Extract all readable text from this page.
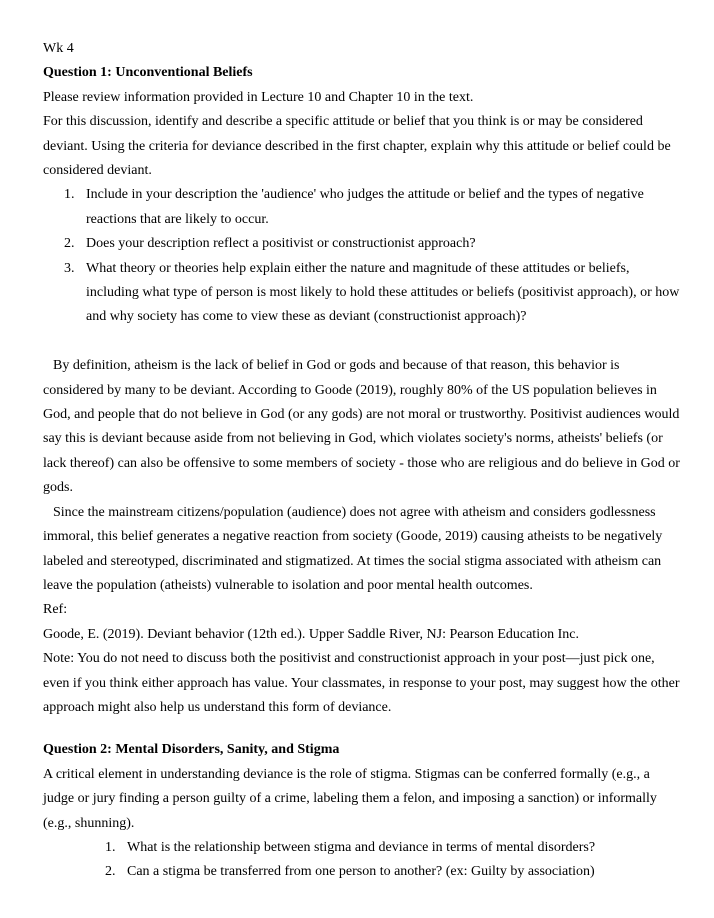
Wk 4

Question 1: Unconventional Beliefs

Please review information provided in Lecture 10 and Chapter 10 in the text.

For this discussion, identify and describe a specific attitude or belief that you think is or may be considered deviant. Using the criteria for deviance described in the first chapter, explain why this attitude or belief could be considered deviant.

1. Include in your description the 'audience' who judges the attitude or belief and the types of negative reactions that are likely to occur.
2. Does your description reflect a positivist or constructionist approach?
3. What theory or theories help explain either the nature and magnitude of these attitudes or beliefs, including what type of person is most likely to hold these attitudes or beliefs (positivist approach), or how and why society has come to view these as deviant (constructionist approach)?

By definition, atheism is the lack of belief in God or gods and because of that reason, this behavior is considered by many to be deviant. According to Goode (2019), roughly 80% of the US population believes in God, and people that do not believe in God (or any gods) are not moral or trustworthy. Positivist audiences would say this is deviant because aside from not believing in God, which violates society's norms, atheists' beliefs (or lack thereof) can also be offensive to some members of society - those who are religious and do believe in God or gods.

Since the mainstream citizens/population (audience) does not agree with atheism and considers godlessness immoral, this belief generates a negative reaction from society (Goode, 2019) causing atheists to be negatively labeled and stereotyped, discriminated and stigmatized. At times the social stigma associated with atheism can leave the population (atheists) vulnerable to isolation and poor mental health outcomes.

Ref:

Goode, E. (2019). Deviant behavior (12th ed.). Upper Saddle River, NJ: Pearson Education Inc.

Note: You do not need to discuss both the positivist and constructionist approach in your post—just pick one, even if you think either approach has value. Your classmates, in response to your post, may suggest how the other approach might also help us understand this form of deviance.

Question 2: Mental Disorders, Sanity, and Stigma

A critical element in understanding deviance is the role of stigma. Stigmas can be conferred formally (e.g., a judge or jury finding a person guilty of a crime, labeling them a felon, and imposing a sanction) or informally (e.g., shunning).

1. What is the relationship between stigma and deviance in terms of mental disorders?
2. Can a stigma be transferred from one person to another? (ex: Guilty by association)
